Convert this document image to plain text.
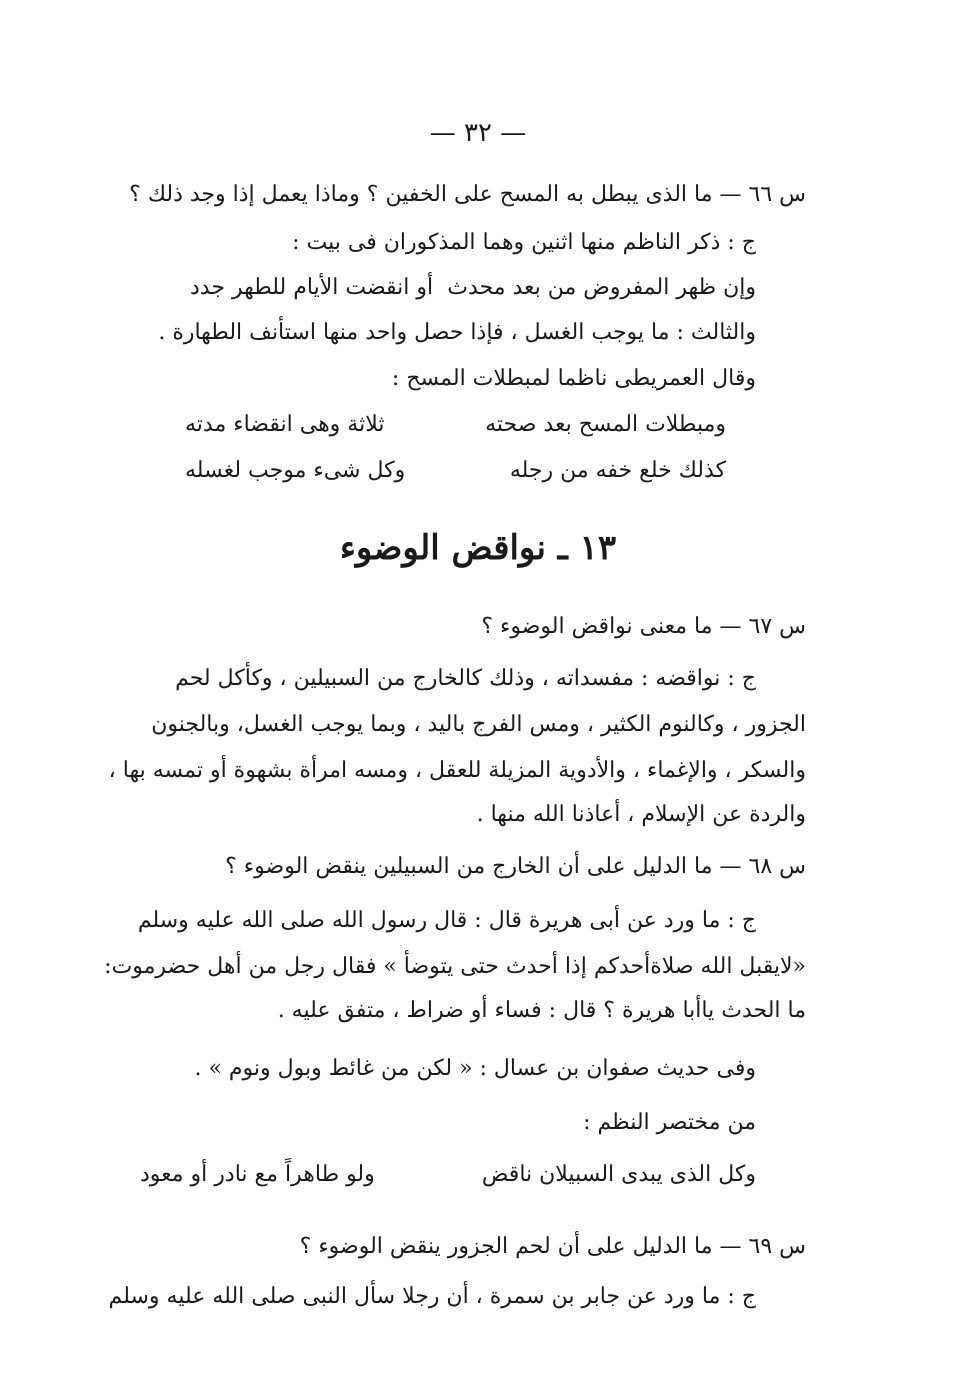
— ٣٢ —
س ٦٦ — ما الذى يبطل به المسح على الخفين ؟ وماذا يعمل إذا وجد ذلك ؟
ج : ذكر الناظم منها اثنين وهما المذكوران فى بيت :
وإن ظهر المفروض من بعد محدث
أو انقضت الأيام للطهر جدد
والثالث : ما يوجب الغسل ، فإذا حصل واحد منها استأنف الطهارة .
وقال العمريطى ناظما لمبطلات المسح :
ومبطلات المسح بعد صحته
ثلاثة وهى انقضاء مدته
كذلك خلع خفه من رجله
وكل شىء موجب لغسله
١٣ ـ نواقض الوضوء
س ٦٧ — ما معنى نواقض الوضوء ؟
ج : نواقضه : مفسداته ، وذلك كالخارج من السبيلين ، وكأكل لحم
الجزور ، وكالنوم الكثير ، ومس الفرج باليد ، وبما يوجب الغسل، وبالجنون
والسكر ، والإغماء ، والأدوية المزيلة للعقل ، ومسه امرأة بشهوة أو تمسه بها ،
والردة عن الإسلام ، أعاذنا الله منها .
س ٦٨ — ما الدليل على أن الخارج من السبيلين ينقض الوضوء ؟
ج : ما ورد عن أبى هريرة قال : قال رسول الله صلى الله عليه وسلم
«لايقبل الله صلاةأحدكم إذا أحدث حتى يتوضأ » فقال رجل من أهل حضرموت:
ما الحدث ياأبا هريرة ؟ قال : فساء أو ضراط ، متفق عليه .
وفى حديث صفوان بن عسال : « لكن من غائط وبول ونوم » .
من مختصر النظم :
وكل الذى يبدى السبيلان ناقض
ولو طاهراً مع نادر أو معود
س ٦٩ — ما الدليل على أن لحم الجزور ينقض الوضوء ؟
ج : ما ورد عن جابر بن سمرة ، أن رجلا سأل النبى صلى الله عليه وسلم
